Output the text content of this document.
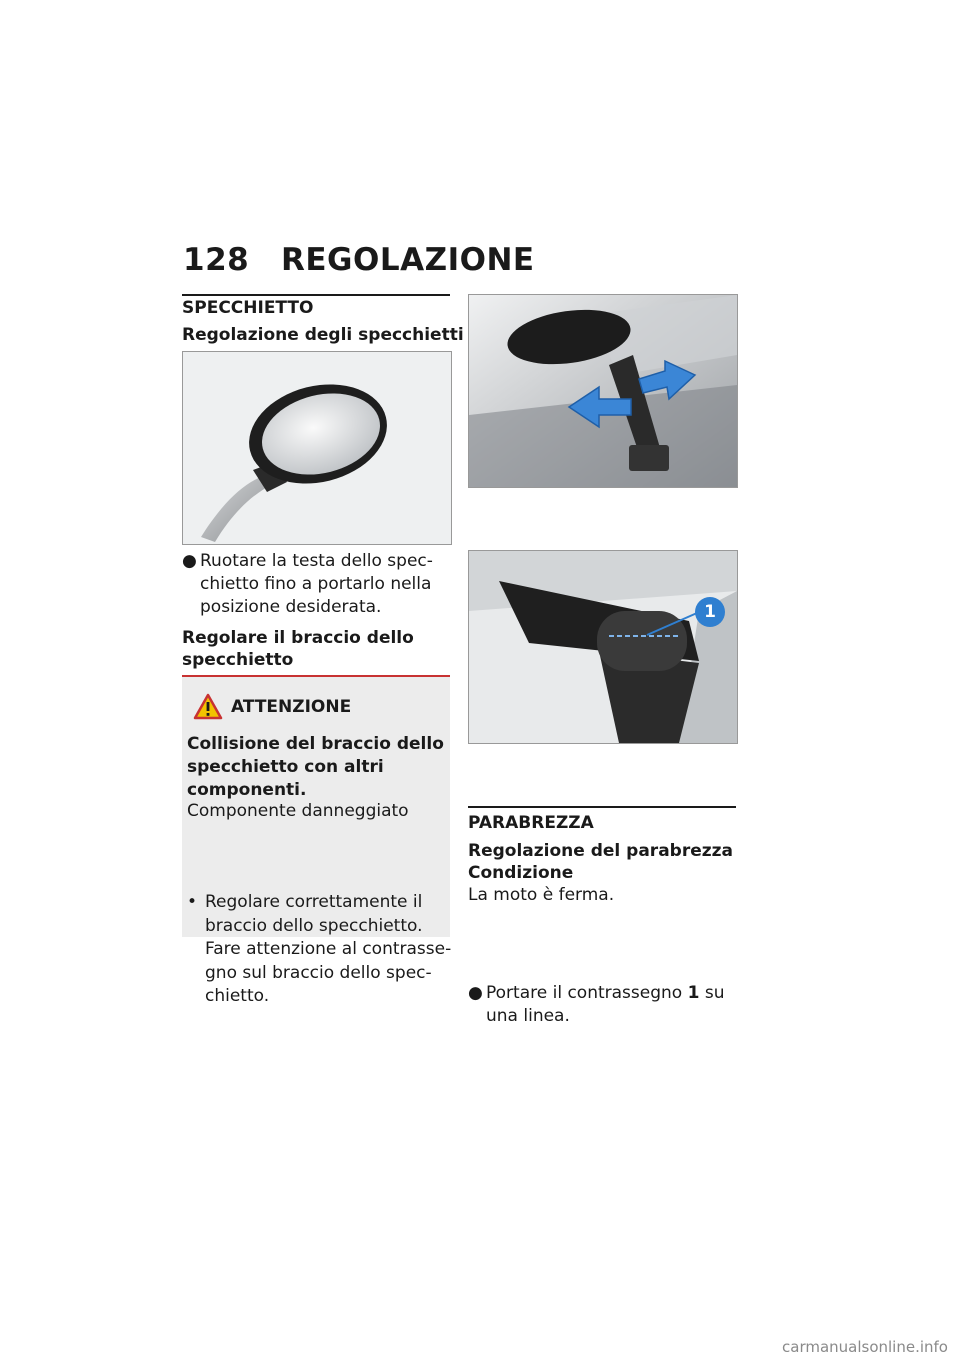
128 REGOLAZIONE
SPECCHIETTO
Regolazione degli specchietti
● Ruotare la testa dello specchietto fino a portarlo nella posizione desiderata.
Regolare il braccio dello specchietto
ATTENZIONE
Collisione del braccio dello specchietto con altri componenti.
Componente danneggiato
• Regolare correttamente il braccio dello specchietto. Fare attenzione al contrassegno sul braccio dello specchietto.
1
● Portare il contrassegno 1 su una linea.
PARABREZZA
Regolazione del parabrezza
Condizione
La moto è ferma.
carmanualsonline.info
